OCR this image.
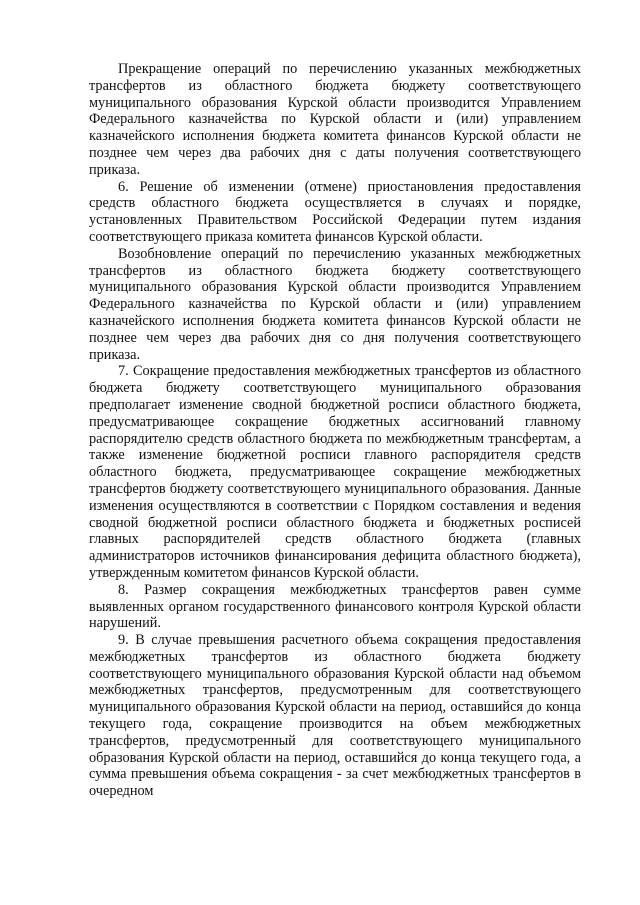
Прекращение операций по перечислению указанных межбюджетных трансфертов из областного бюджета бюджету соответствующего муниципального образования Курской области производится Управлением Федерального казначейства по Курской области и (или) управлением казначейского исполнения бюджета комитета финансов Курской области не позднее чем через два рабочих дня с даты получения соответствующего приказа.

6. Решение об изменении (отмене) приостановления предоставления средств областного бюджета осуществляется в случаях и порядке, установленных Правительством Российской Федерации путем издания соответствующего приказа комитета финансов Курской области.

Возобновление операций по перечислению указанных межбюджетных трансфертов из областного бюджета бюджету соответствующего муниципального образования Курской области производится Управлением Федерального казначейства по Курской области и (или) управлением казначейского исполнения бюджета комитета финансов Курской области не позднее чем через два рабочих дня со дня получения соответствующего приказа.

7. Сокращение предоставления межбюджетных трансфертов из областного бюджета бюджету соответствующего муниципального образования предполагает изменение сводной бюджетной росписи областного бюджета, предусматривающее сокращение бюджетных ассигнований главному распорядителю средств областного бюджета по межбюджетным трансфертам, а также изменение бюджетной росписи главного распорядителя средств областного бюджета, предусматривающее сокращение межбюджетных трансфертов бюджету соответствующего муниципального образования. Данные изменения осуществляются в соответствии с Порядком составления и ведения сводной бюджетной росписи областного бюджета и бюджетных росписей главных распорядителей средств областного бюджета (главных администраторов источников финансирования дефицита областного бюджета), утвержденным комитетом финансов Курской области.

8. Размер сокращения межбюджетных трансфертов равен сумме выявленных органом государственного финансового контроля Курской области нарушений.

9. В случае превышения расчетного объема сокращения предоставления межбюджетных трансфертов из областного бюджета бюджету соответствующего муниципального образования Курской области над объемом межбюджетных трансфертов, предусмотренным для соответствующего муниципального образования Курской области на период, оставшийся до конца текущего года, сокращение производится на объем межбюджетных трансфертов, предусмотренный для соответствующего муниципального образования Курской области на период, оставшийся до конца текущего года, а сумма превышения объема сокращения - за счет межбюджетных трансфертов в очередном
